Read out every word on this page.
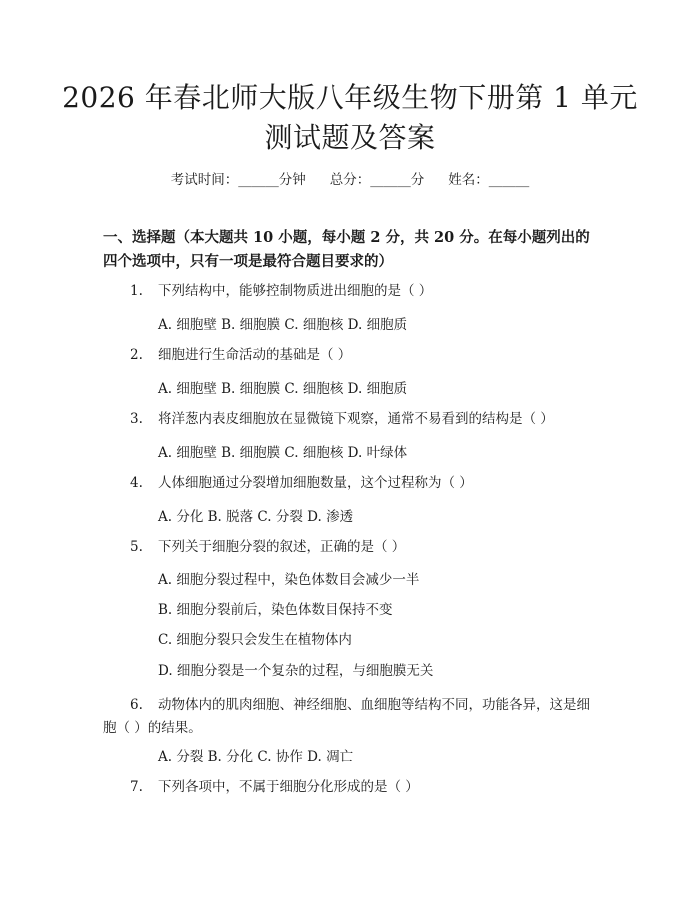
2026 年春北师大版八年级生物下册第 1 单元
测试题及答案
考试时间：______分钟 总分：______分 姓名：______
一、选择题（本大题共 10 小题，每小题 2 分，共 20 分。在每小题列出的四个选项中，只有一项是最符合题目要求的）
1. 下列结构中，能够控制物质进出细胞的是（ ）
A. 细胞壁 B. 细胞膜 C. 细胞核 D. 细胞质
2. 细胞进行生命活动的基础是（ ）
A. 细胞壁 B. 细胞膜 C. 细胞核 D. 细胞质
3. 将洋葱内表皮细胞放在显微镜下观察，通常不易看到的结构是（ ）
A. 细胞壁 B. 细胞膜 C. 细胞核 D. 叶绿体
4. 人体细胞通过分裂增加细胞数量，这个过程称为（ ）
A. 分化 B. 脱落 C. 分裂 D. 渗透
5. 下列关于细胞分裂的叙述，正确的是（ ）
A. 细胞分裂过程中，染色体数目会减少一半
B. 细胞分裂前后，染色体数目保持不变
C. 细胞分裂只会发生在植物体内
D. 细胞分裂是一个复杂的过程，与细胞膜无关
6. 动物体内的肌肉细胞、神经细胞、血细胞等结构不同，功能各异，这是细
胞（ ）的结果。
A. 分裂 B. 分化 C. 协作 D. 凋亡
7. 下列各项中，不属于细胞分化形成的是（ ）
